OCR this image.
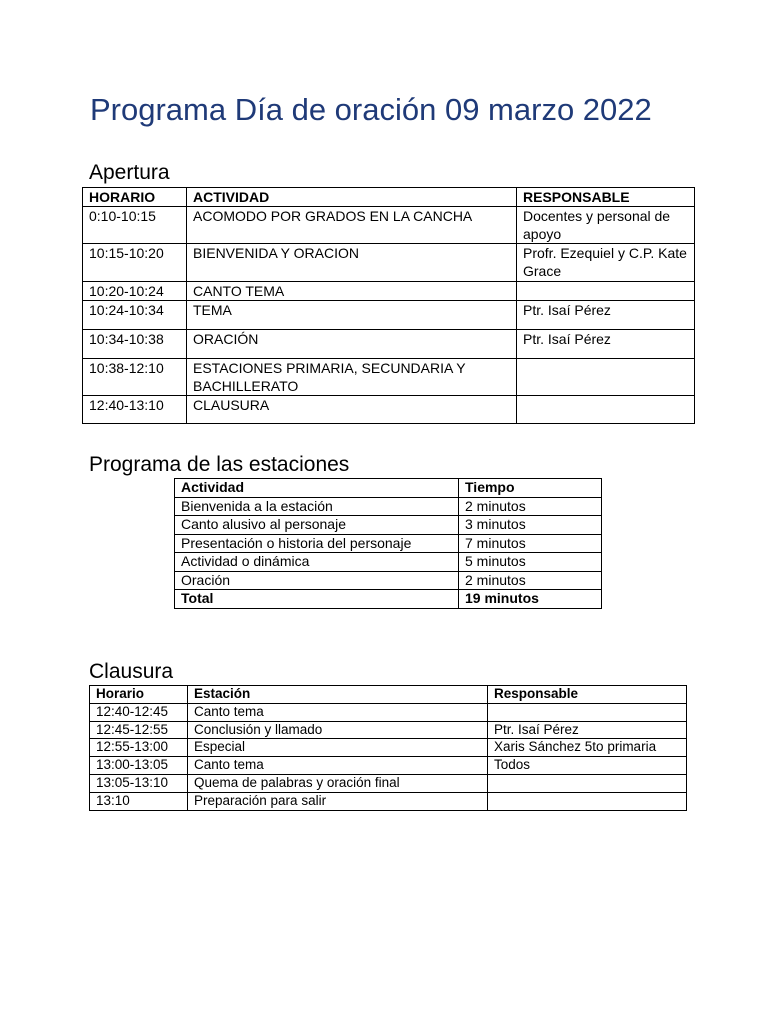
Programa Día de oración 09 marzo 2022
Apertura
HORARIO	ACTIVIDAD	RESPONSABLE
0:10-10:15	ACOMODO POR GRADOS EN LA CANCHA	Docentes y personal de apoyo
10:15-10:20	BIENVENIDA Y ORACION	Profr. Ezequiel y C.P. Kate Grace
10:20-10:24	CANTO TEMA	
10:24-10:34	TEMA	Ptr. Isaí Pérez
10:34-10:38	ORACIÓN	Ptr. Isaí Pérez
10:38-12:10	ESTACIONES PRIMARIA, SECUNDARIA Y BACHILLERATO	
12:40-13:10	CLAUSURA	
Programa de las estaciones
Actividad	Tiempo
Bienvenida a la estación	2 minutos
Canto alusivo al personaje	3 minutos
Presentación o historia del personaje	7 minutos
Actividad o dinámica	5 minutos
Oración	2 minutos
Total	19 minutos
Clausura
Horario	Estación	Responsable
12:40-12:45	Canto tema	
12:45-12:55	Conclusión y llamado	Ptr. Isaí Pérez
12:55-13:00	Especial	Xaris Sánchez 5to primaria
13:00-13:05	Canto tema	Todos
13:05-13:10	Quema de palabras y oración final	
13:10	Preparación para salir	
